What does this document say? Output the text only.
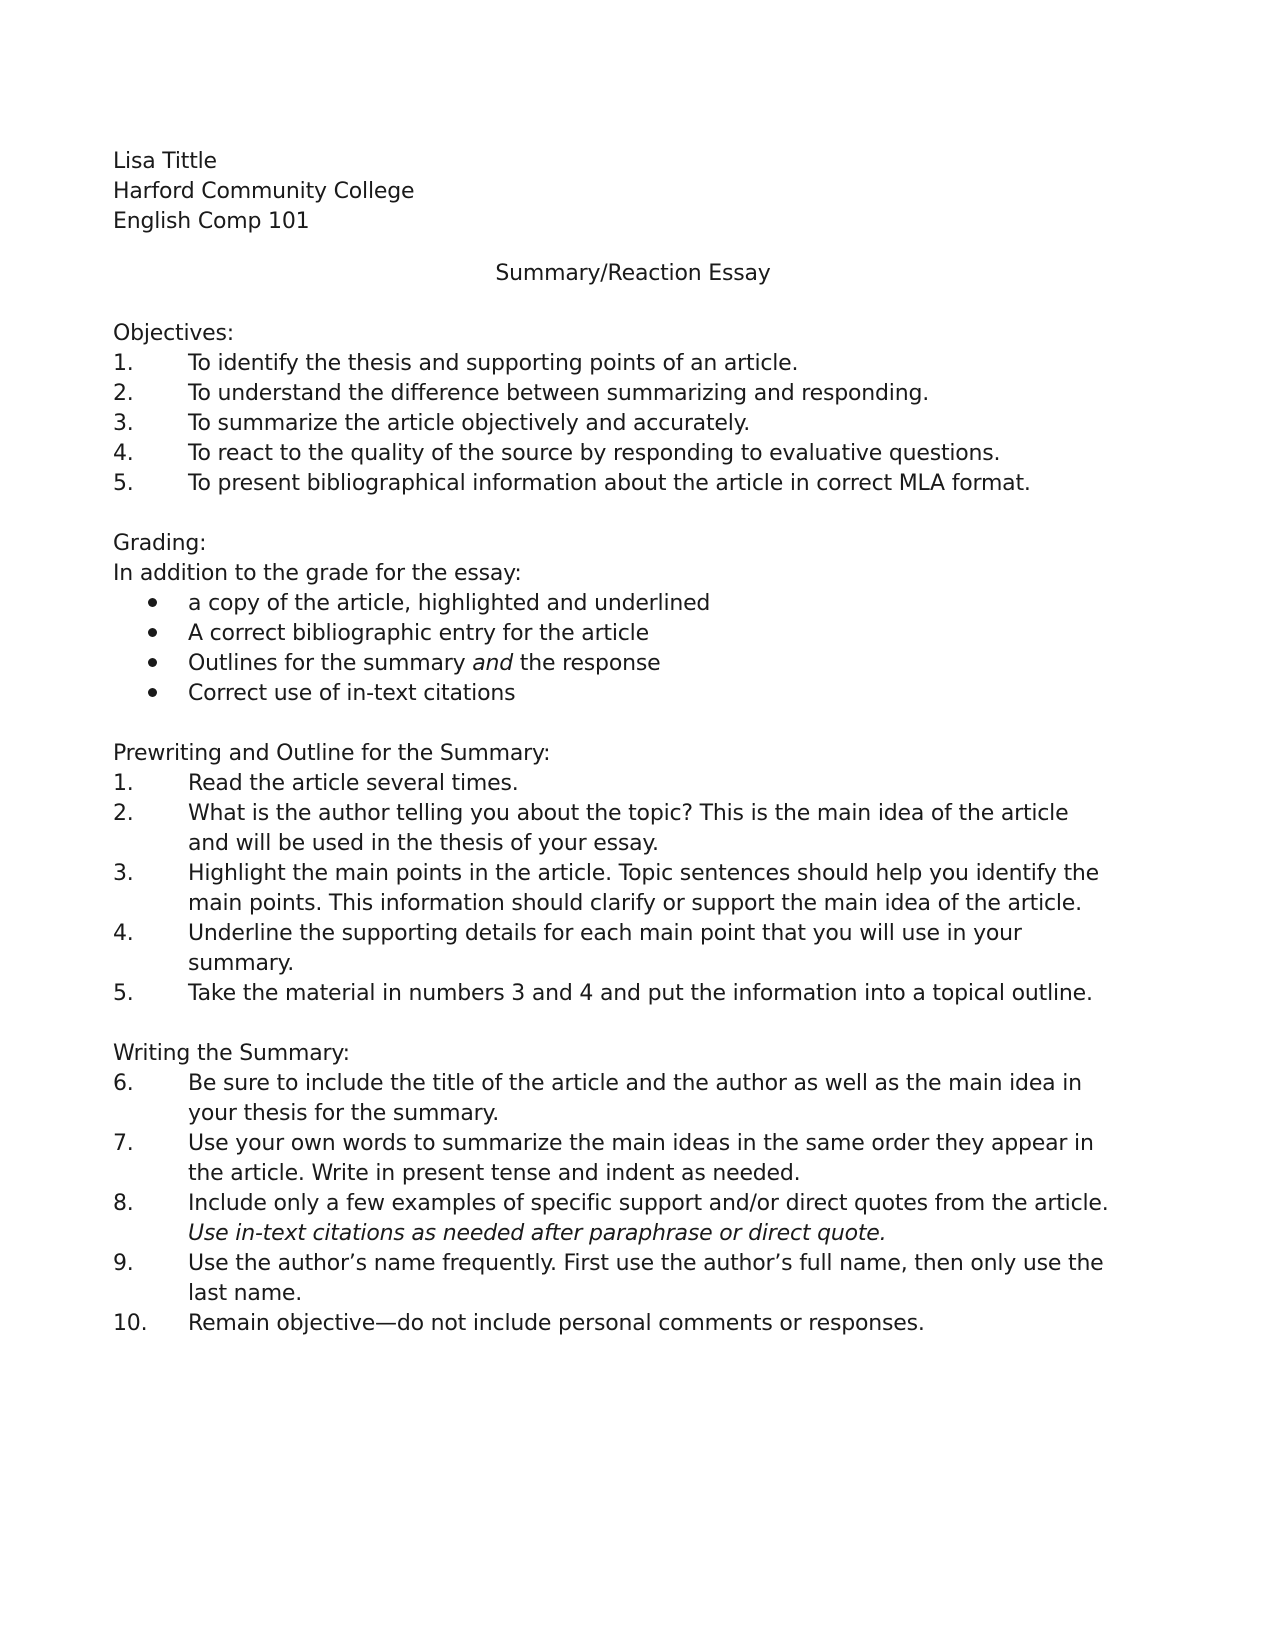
Lisa Tittle
Harford Community College
English Comp 101
Summary/Reaction Essay
Objectives:
1.	To identify the thesis and supporting points of an article.
2.	To understand the difference between summarizing and responding.
3.	To summarize the article objectively and accurately.
4.	To react to the quality of the source by responding to evaluative questions.
5.	To present bibliographical information about the article in correct MLA format.
Grading:
In addition to the grade for the essay:
a copy of the article, highlighted and underlined
A correct bibliographic entry for the article
Outlines for the summary and the response
Correct use of in-text citations
Prewriting and Outline for the Summary:
1.	Read the article several times.
2.	What is the author telling you about the topic? This is the main idea of the article and will be used in the thesis of your essay.
3.	Highlight the main points in the article. Topic sentences should help you identify the main points. This information should clarify or support the main idea of the article.
4.	Underline the supporting details for each main point that you will use in your summary.
5.	Take the material in numbers 3 and 4 and put the information into a topical outline.
Writing the Summary:
6.	Be sure to include the title of the article and the author as well as the main idea in your thesis for the summary.
7.	Use your own words to summarize the main ideas in the same order they appear in the article. Write in present tense and indent as needed.
8.	Include only a few examples of specific support and/or direct quotes from the article. Use in-text citations as needed after paraphrase or direct quote.
9.	Use the author’s name frequently. First use the author’s full name, then only use the last name.
10.	Remain objective—do not include personal comments or responses.
